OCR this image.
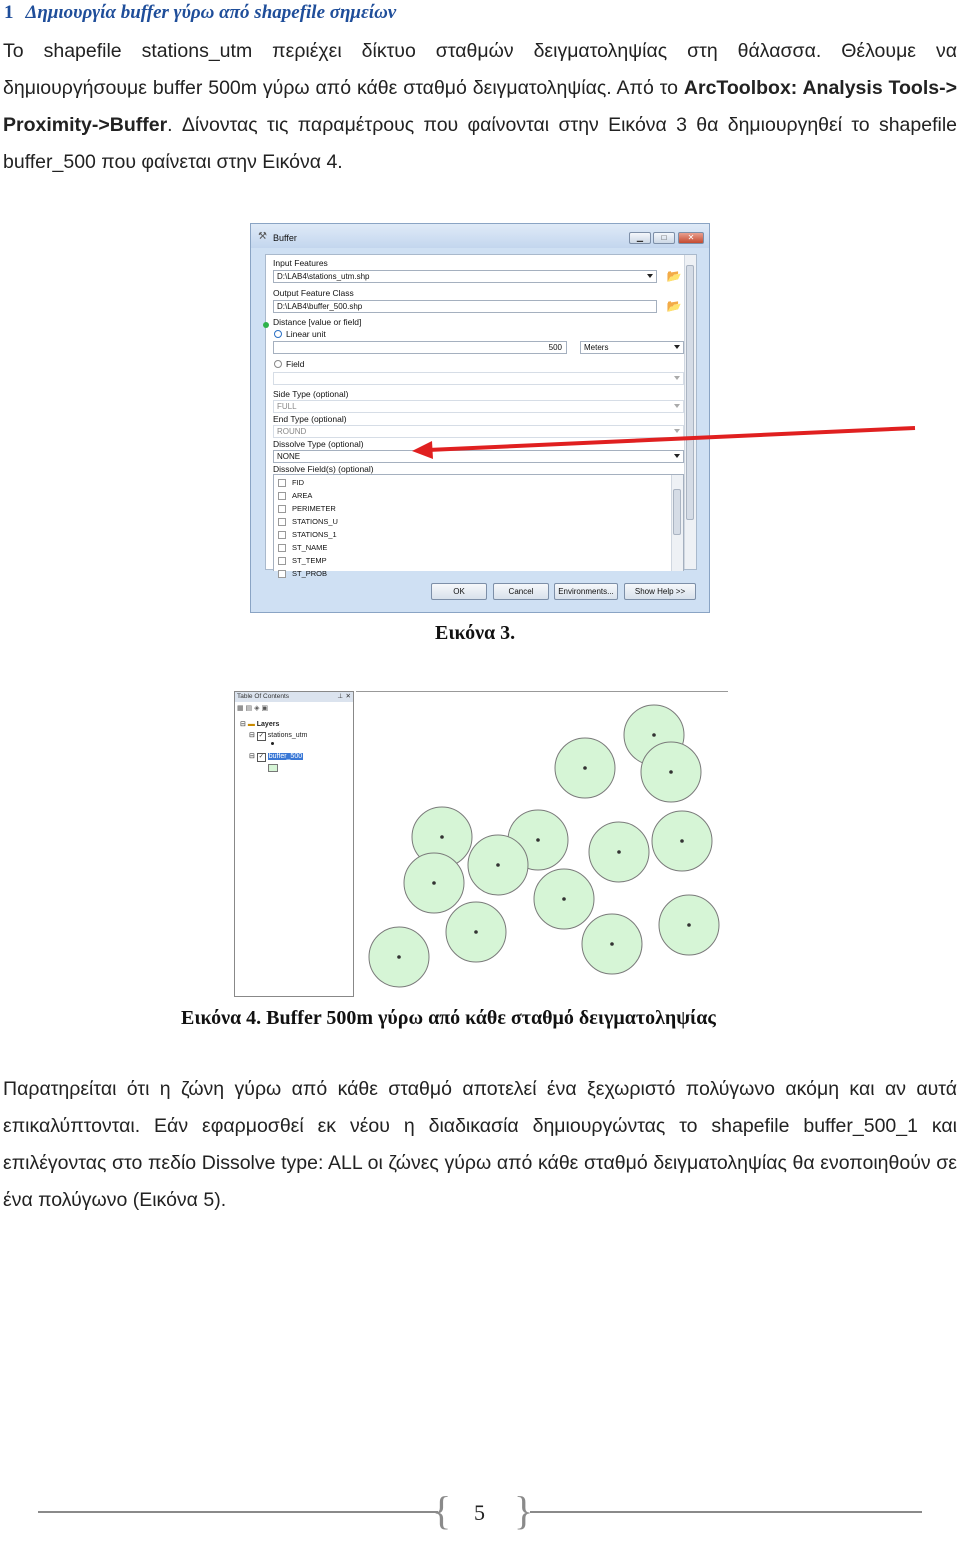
1 Δημιουργία buffer γύρω από shapefile σημείων
Το shapefile stations_utm περιέχει δίκτυο σταθμών δειγματοληψίας στη θάλασσα. Θέλουμε να δημιουργήσουμε buffer 500m γύρω από κάθε σταθμό δειγματοληψίας. Από το ArcToolbox: Analysis Tools-> Proximity->Buffer. Δίνοντας τις παραμέτρους που φαίνονται στην Εικόνα 3 θα δημιουργηθεί το shapefile buffer_500 που φαίνεται στην Εικόνα 4.
⚒ Buffer	▁	□	✕
Input Features
D:\LAB4\stations_utm.shp	📂
Output Feature Class
D:\LAB4\buffer_500.shp	📂
Distance [value or field]
Linear unit
500	Meters
Field
Side Type (optional)
FULL
End Type (optional)
ROUND
Dissolve Type (optional)
NONE
Dissolve Field(s) (optional)
FID
AREA
PERIMETER
STATIONS_U
STATIONS_1
ST_NAME
ST_TEMP
ST_PROB
OK	Cancel	Environments...	Show Help >>
Εικόνα 3.
Table Of Contents	⊥ ✕
▦ ▤ ◈ ▣
⊟ ▬ Layers
⊟ ✓ stations_utm
⊟ ✓ buffer_500
Εικόνα 4. Buffer 500m γύρω από κάθε σταθμό δειγματοληψίας
Παρατηρείται ότι η ζώνη γύρω από κάθε σταθμό αποτελεί ένα ξεχωριστό πολύγωνο ακόμη και αν αυτά επικαλύπτονται. Εάν εφαρμοσθεί εκ νέου η διαδικασία δημιουργώντας το shapefile buffer_500_1 και επιλέγοντας στο πεδίο Dissolve type: ALL οι ζώνες γύρω από κάθε σταθμό δειγματοληψίας θα ενοποιηθούν σε ένα πολύγωνο (Εικόνα 5).
{ }
5
